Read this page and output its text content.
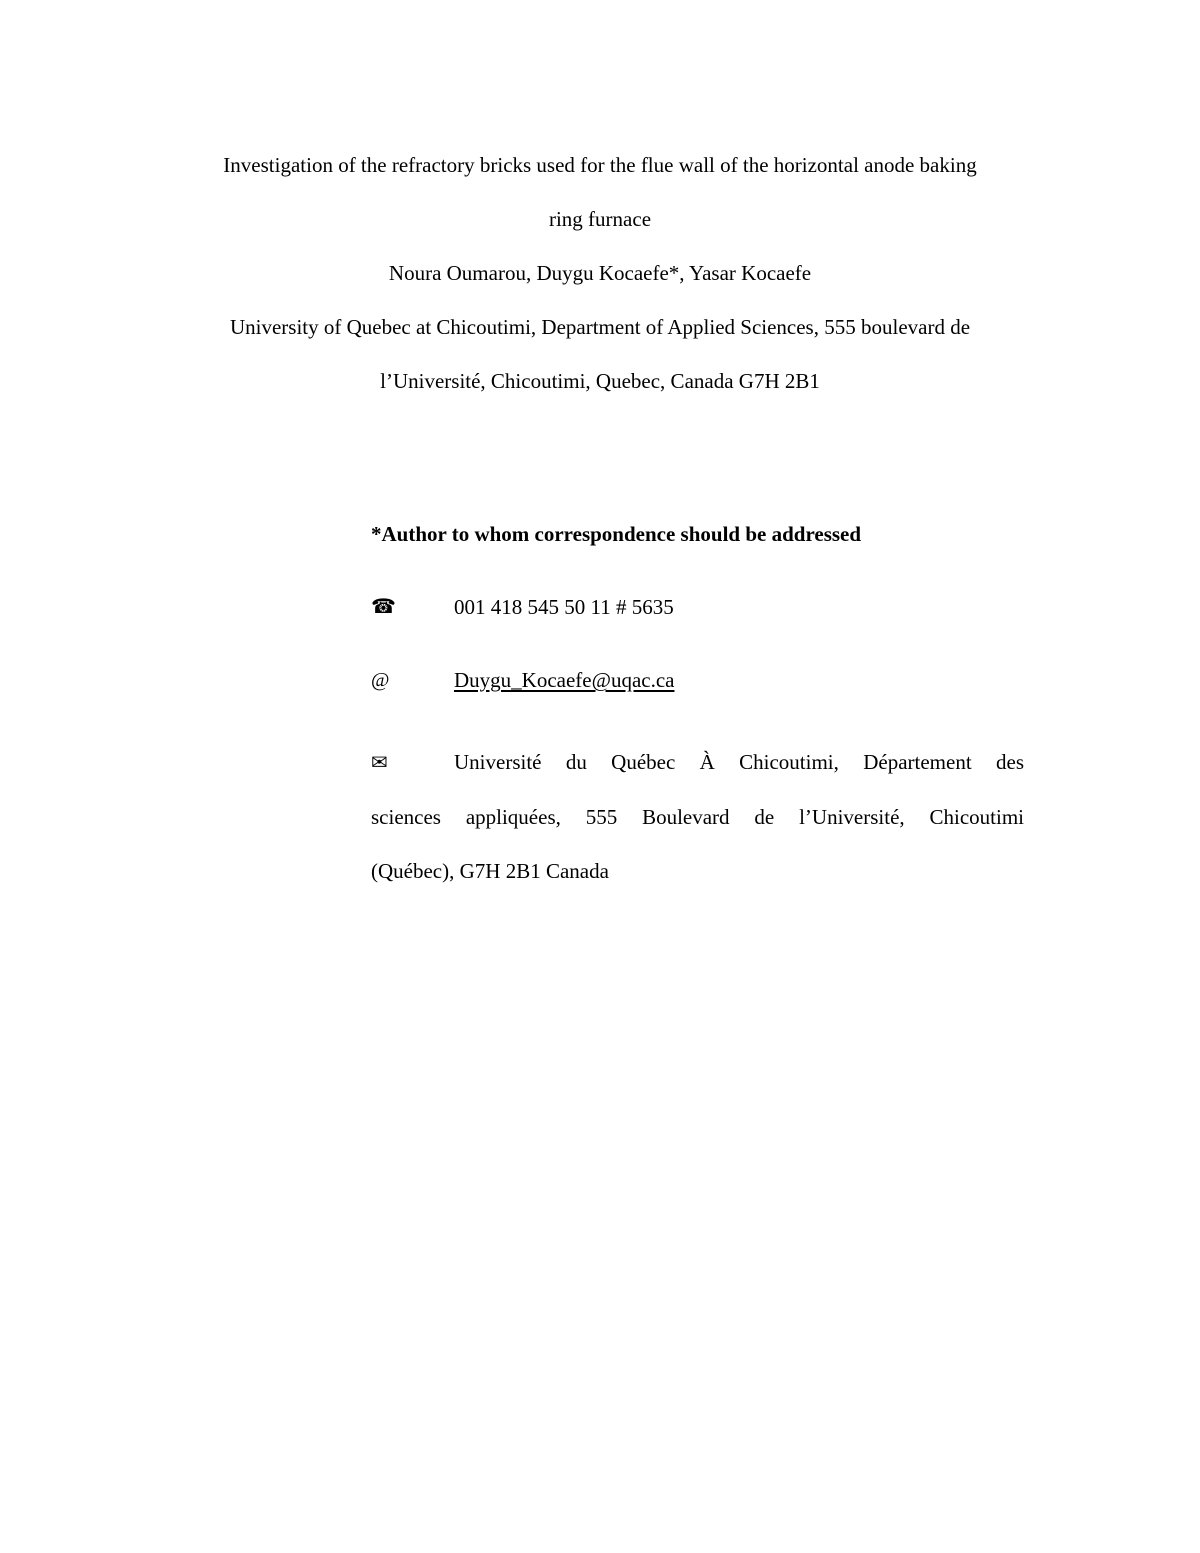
Investigation of the refractory bricks used for the flue wall of the horizontal anode baking
ring furnace
Noura Oumarou, Duygu Kocaefe*, Yasar Kocaefe
University of Quebec at Chicoutimi, Department of Applied Sciences, 555 boulevard de
l’Université, Chicoutimi, Quebec, Canada G7H 2B1
*Author to whom correspondence should be addressed
☎	001 418 545 50 11 # 5635
@	Duygu_Kocaefe@uqac.ca
✉	Université du Québec À Chicoutimi, Département des
sciences appliquées, 555 Boulevard de l’Université, Chicoutimi
(Québec), G7H 2B1 Canada
